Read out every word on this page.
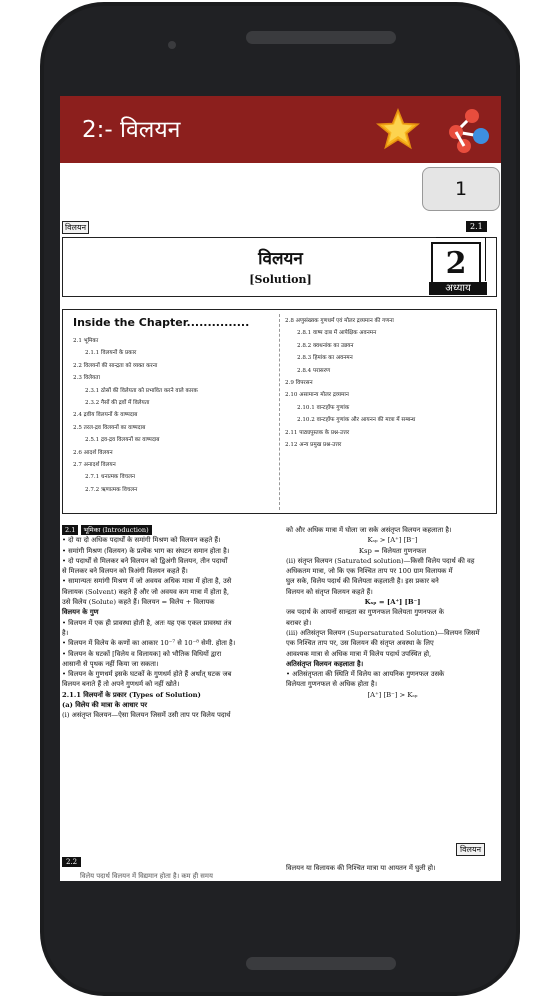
2:- विलयन
1
विलयन	2.1
विलयन
[Solution]	2
अध्याय
Inside the Chapter...............
2.1 भूमिका
2.1.1 विलयनों के प्रकार
2.2 विलयनों की सान्द्रता को व्यक्त करना
2.3 विलेयता
2.3.1 ठोसों की विलेयता को प्रभावित करने वाले कारक
2.3.2 गैसों की द्रवों में विलेयता
2.4 द्रवीय विलयनों के वाष्पदाब
2.5 तरल-द्रव विलयनों का वाष्पदाब
2.5.1 द्रव-द्रव विलयनों का वाष्पदाब
2.6 आदर्श विलयन
2.7 अनादर्श विलयन
2.7.1 धनात्मक विचलन
2.7.2 ऋणात्मक विचलन
2.8 अणुसंख्यक गुणधर्म एवं मोलर द्रव्यमान की गणना
2.8.1 वाष्प दाब में आपेक्षिक अवनमन
2.8.2 क्वथनांक का उन्नयन
2.8.3 हिमांक का अवनमन
2.8.4 परासरण
2.9 विपरसन
2.10 असामान्य मोलर द्रव्यमान
2.10.1 वान्टहॉफ गुणांक
2.10.2 वान्टहॉफ गुणांक और आयनन की मात्रा में सम्बन्ध
2.11 पाठ्यपुस्तक के प्रश्न-उत्तर
2.12 अन्य प्रमुख प्रश्न-उत्तर
2.1 भूमिका (Introduction)
• दो या दो अधिक पदार्थों के समांगी मिश्रण को विलयन कहते हैं।
• समांगी मिश्रण (विलयन) के प्रत्येक भाग का संघटन समान होता है।
• दो पदार्थों से मिलकर बने विलयन को द्विअंगी विलयन, तीन पदार्थों
से मिलकर बने विलयन को त्रिअंगी विलयन कहते हैं।
• सामान्यतः समांगी मिश्रण में जो अवयव अधिक मात्रा में होता है, उसे
विलायक (Solvent) कहते हैं और जो अवयव कम मात्रा में होता है,
उसे विलेय (Solute) कहते हैं। विलयन = विलेय + विलायक
विलयन के गुण
• विलयन में एक ही प्रावस्था होती है, अतः यह एक एकल प्रावस्था तंत्र
है।
• विलयन में विलेय के कणों का आकार 10⁻⁷ से 10⁻⁸ सेमी. होता है।
• विलयन के घटकों [विलेय व विलायक] को भौतिक विधियों द्वारा
आसानी से पृथक नहीं किया जा सकता।
• विलयन के गुणधर्म इसके घटकों के गुणधर्म होते हैं अर्थात् घटक जब
विलयन बनाते हैं तो अपने गुणधर्म को नहीं खोते।
2.1.1 विलयनों के प्रकार (Types of Solution)
(a) विलेय की मात्रा के आधार पर
(i) असंतृप्त विलयन—ऐसा विलयन जिसमें उसी ताप पर विलेय पदार्थ
को और अधिक मात्रा में घोला जा सके असंतृप्त विलयन कहलाता है।
Kₛₚ > [A⁺] [B⁻]
Ksp = विलेयता गुणनफल
(ii) संतृप्त विलयन (Saturated solution)—किसी विलेय पदार्थ की वह
अधिकतम मात्रा, जो कि एक निश्चित ताप पर 100 ग्राम विलायक में
घुल सके, विलेय पदार्थ की विलेयता कहलाती है। इस प्रकार बने
विलयन को संतृप्त विलयन कहते हैं।
Kₛₚ = [A⁺] [B⁻]
जब पदार्थ के आयनों सान्द्रता का गुणनफल विलेयता गुणनफल के
बराबर हो।
(iii) अतिसंतृप्त विलयन (Supersaturated Solution)—विलयन जिसमें
एक निश्चित ताप पर, उस विलयन की संतृप्त अवस्था के लिए
आवश्यक मात्रा से अधिक मात्रा में विलेय पदार्थ उपस्थित हो,
अतिसंतृप्त विलयन कहलाता है।
• अतिसंतृप्तता की स्थिति में विलेय का आयनिक गुणनफल उसके
विलेयता गुणनफल से अधिक होता है।
[A⁺] [B⁻] > Kₛₚ
2.2
विलयन
विलयन या विलायक की निश्चित मात्रा या आयतन में घुली हो।
विलेय पदार्थ विलयन में विद्यमान होता है। कम ही समय
